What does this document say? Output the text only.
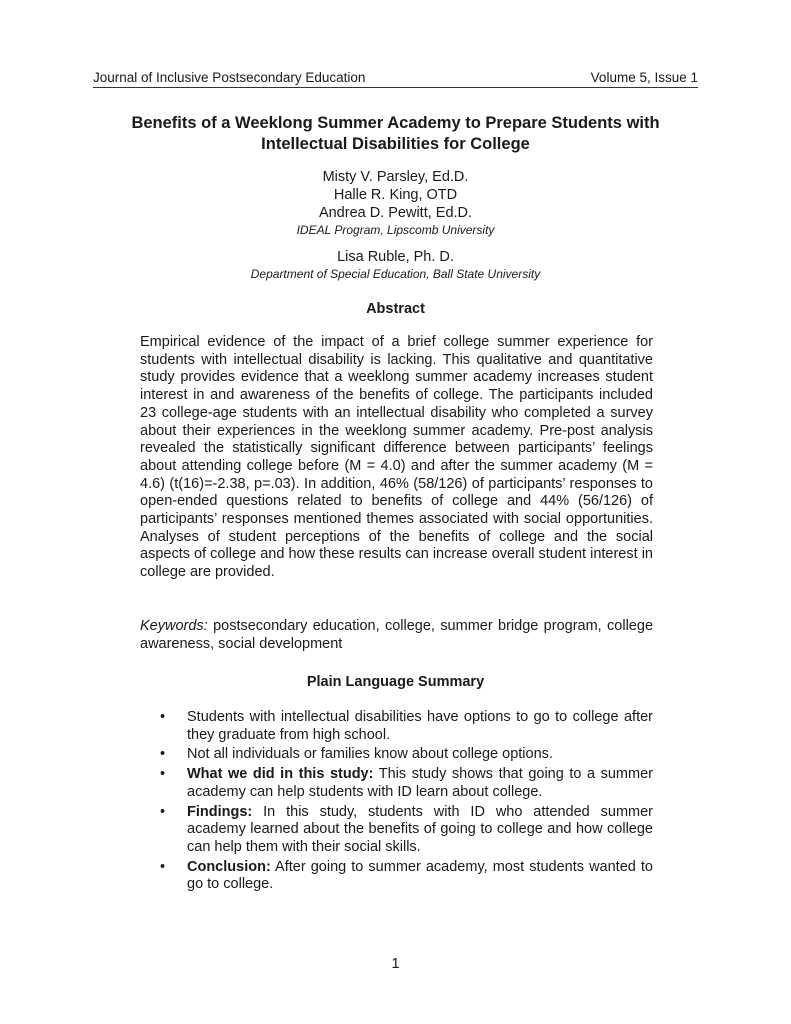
Journal of Inclusive Postsecondary Education	Volume 5, Issue 1
Benefits of a Weeklong Summer Academy to Prepare Students with
Intellectual Disabilities for College
Misty V. Parsley, Ed.D.
Halle R. King, OTD
Andrea D. Pewitt, Ed.D.
IDEAL Program, Lipscomb University
Lisa Ruble, Ph. D.
Department of Special Education, Ball State University
Abstract

Empirical evidence of the impact of a brief college summer experience for students with intellectual disability is lacking. This qualitative and quantitative study provides evidence that a weeklong summer academy increases student interest in and awareness of the benefits of college. The participants included 23 college-age students with an intellectual disability who completed a survey about their experiences in the weeklong summer academy. Pre-post analysis revealed the statistically significant difference between participants’ feelings about attending college before (M = 4.0) and after the summer academy (M = 4.6) (t(16)=-2.38, p=.03). In addition, 46% (58/126) of participants’ responses to open-ended questions related to benefits of college and 44% (56/126) of participants’ responses mentioned themes associated with social opportunities. Analyses of student perceptions of the benefits of college and the social aspects of college and how these results can increase overall student interest in college are provided.

Keywords: postsecondary education, college, summer bridge program, college awareness, social development

Plain Language Summary
• Students with intellectual disabilities have options to go to college after they graduate from high school.
• Not all individuals or families know about college options.
• What we did in this study: This study shows that going to a summer academy can help students with ID learn about college.
• Findings: In this study, students with ID who attended summer academy learned about the benefits of going to college and how college can help them with their social skills.
• Conclusion: After going to summer academy, most students wanted to go to college.
1
